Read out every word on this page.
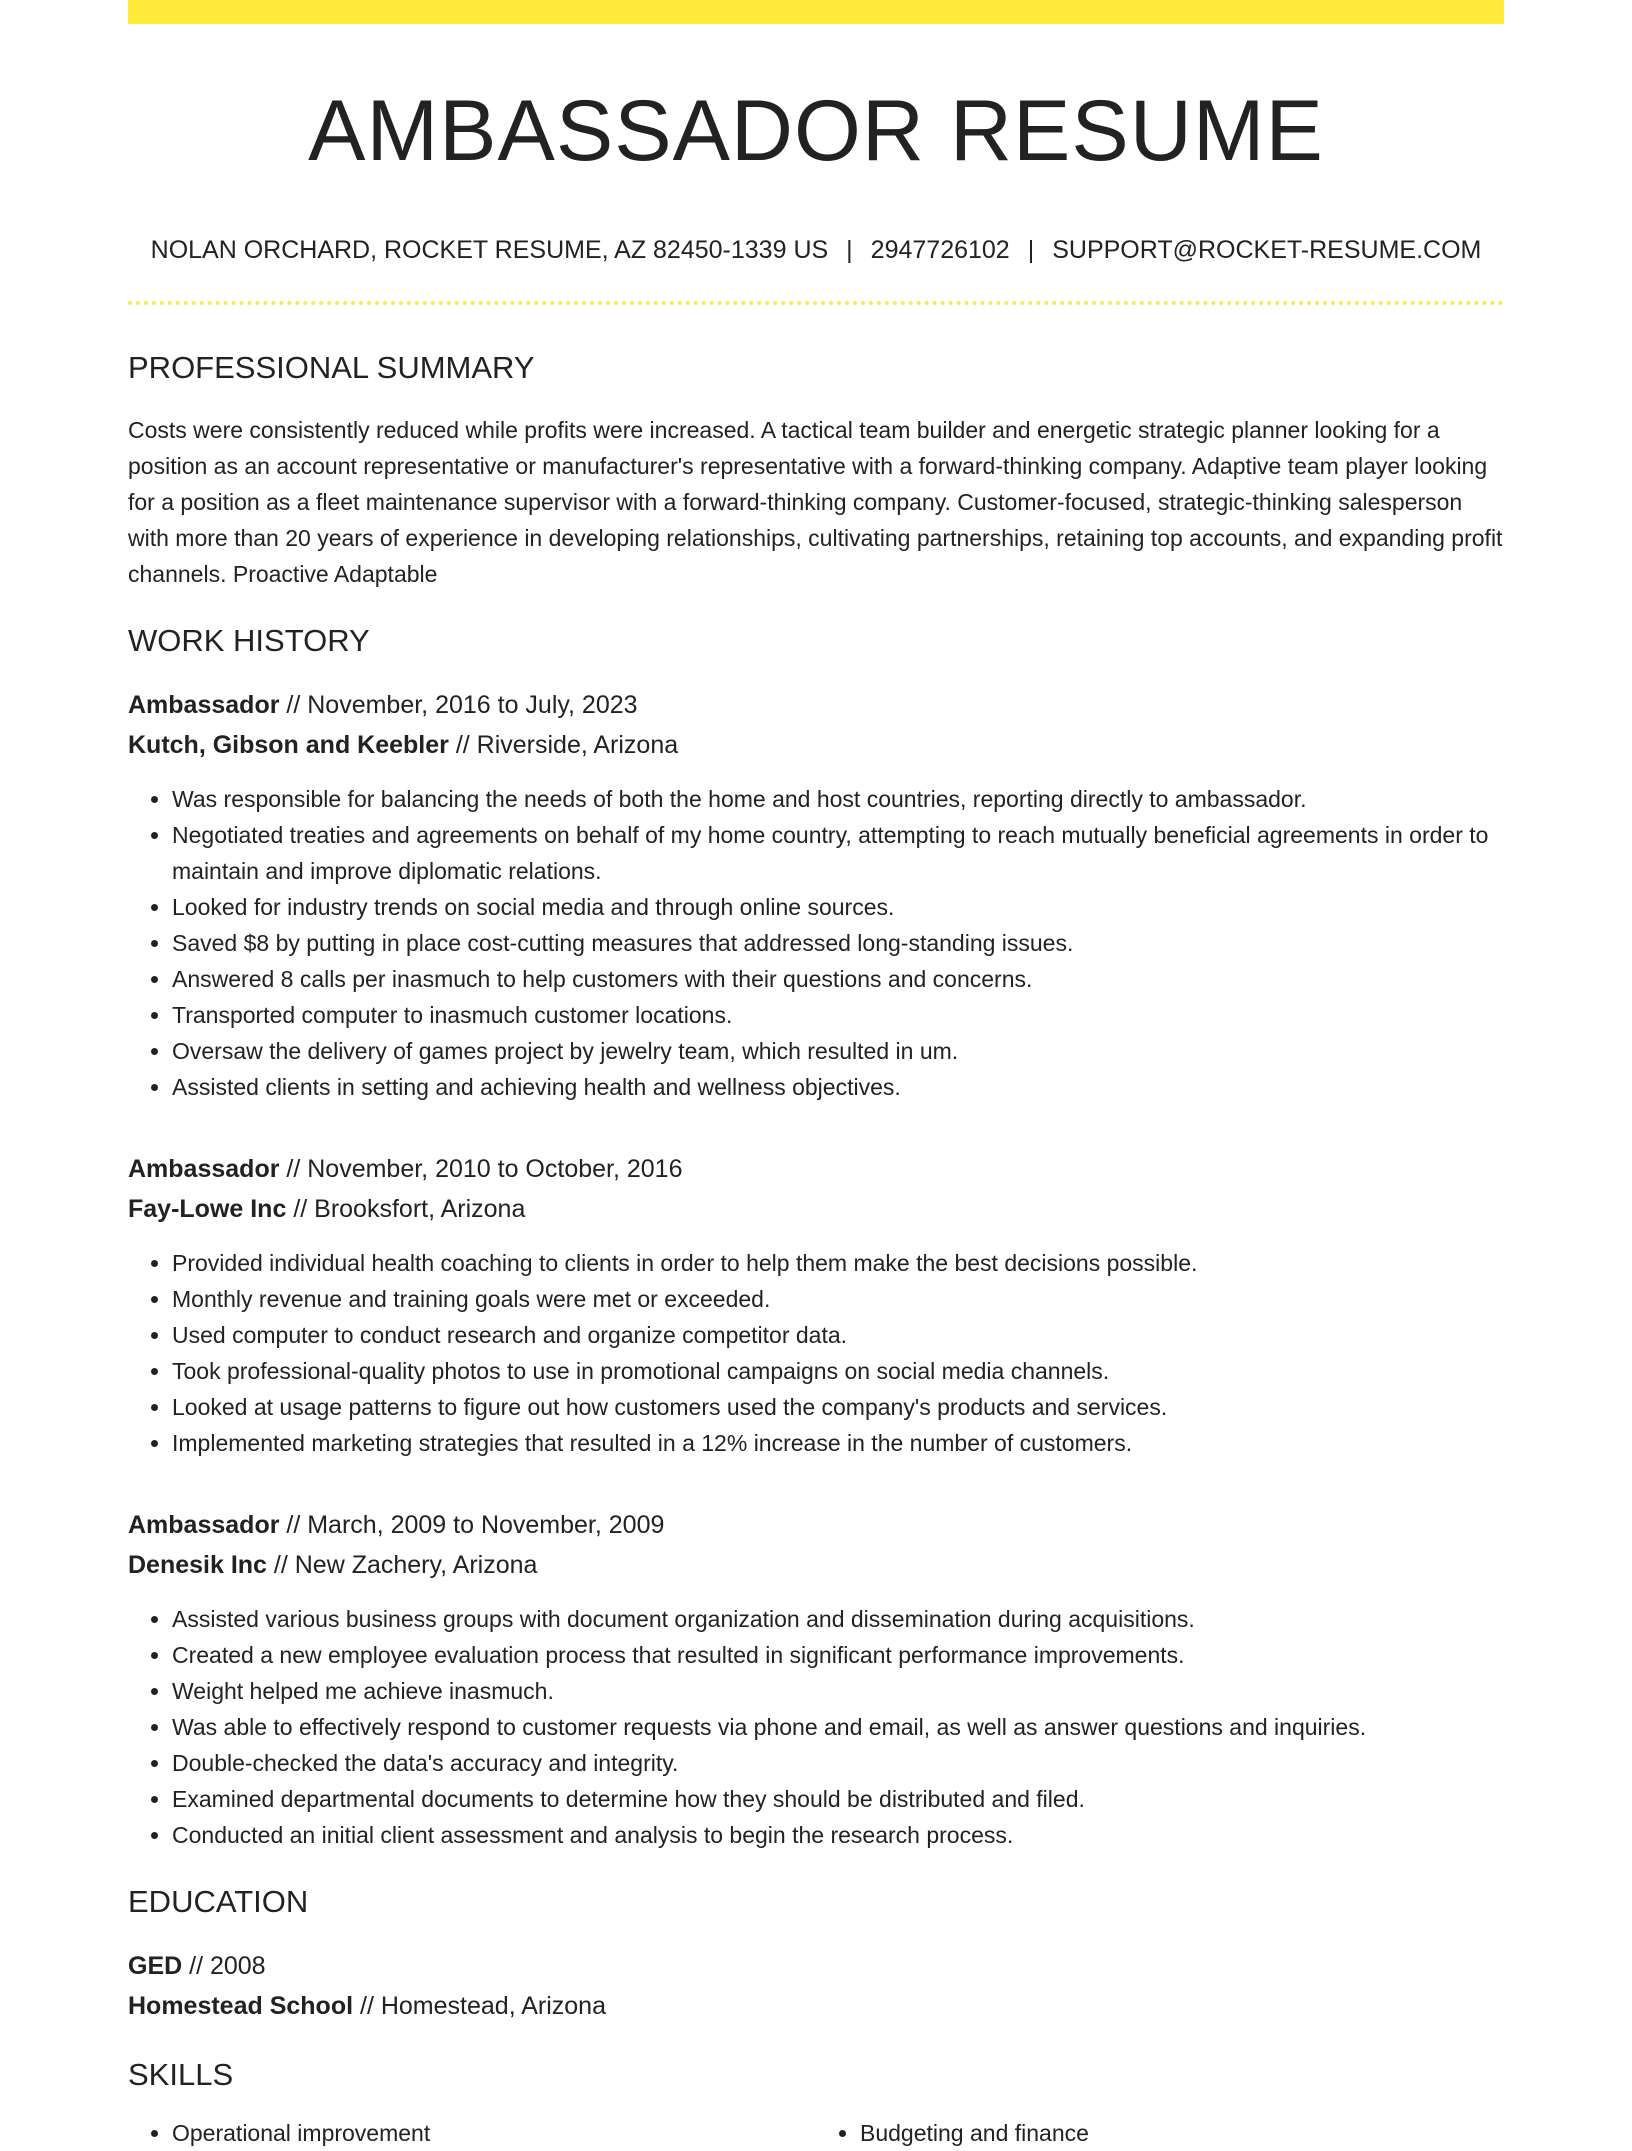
AMBASSADOR RESUME
NOLAN ORCHARD, ROCKET RESUME, AZ 82450-1339 US | 2947726102 | SUPPORT@ROCKET-RESUME.COM
PROFESSIONAL SUMMARY

Costs were consistently reduced while profits were increased. A tactical team builder and energetic strategic planner looking for a position as an account representative or manufacturer's representative with a forward-thinking company. Adaptive team player looking for a position as a fleet maintenance supervisor with a forward-thinking company. Customer-focused, strategic-thinking salesperson with more than 20 years of experience in developing relationships, cultivating partnerships, retaining top accounts, and expanding profit channels. Proactive Adaptable

WORK HISTORY
Ambassador // November, 2016 to July, 2023
Kutch, Gibson and Keebler // Riverside, Arizona
• Was responsible for balancing the needs of both the home and host countries, reporting directly to ambassador.
• Negotiated treaties and agreements on behalf of my home country, attempting to reach mutually beneficial agreements in order to maintain and improve diplomatic relations.
• Looked for industry trends on social media and through online sources.
• Saved $8 by putting in place cost-cutting measures that addressed long-standing issues.
• Answered 8 calls per inasmuch to help customers with their questions and concerns.
• Transported computer to inasmuch customer locations.
• Oversaw the delivery of games project by jewelry team, which resulted in um.
• Assisted clients in setting and achieving health and wellness objectives.
Ambassador // November, 2010 to October, 2016
Fay-Lowe Inc // Brooksfort, Arizona
• Provided individual health coaching to clients in order to help them make the best decisions possible.
• Monthly revenue and training goals were met or exceeded.
• Used computer to conduct research and organize competitor data.
• Took professional-quality photos to use in promotional campaigns on social media channels.
• Looked at usage patterns to figure out how customers used the company's products and services.
• Implemented marketing strategies that resulted in a 12% increase in the number of customers.
Ambassador // March, 2009 to November, 2009
Denesik Inc // New Zachery, Arizona
• Assisted various business groups with document organization and dissemination during acquisitions.
• Created a new employee evaluation process that resulted in significant performance improvements.
• Weight helped me achieve inasmuch.
• Was able to effectively respond to customer requests via phone and email, as well as answer questions and inquiries.
• Double-checked the data's accuracy and integrity.
• Examined departmental documents to determine how they should be distributed and filed.
• Conducted an initial client assessment and analysis to begin the research process.
EDUCATION
GED // 2008
Homestead School // Homestead, Arizona
SKILLS
• Operational improvement
•	Budgeting and finance
